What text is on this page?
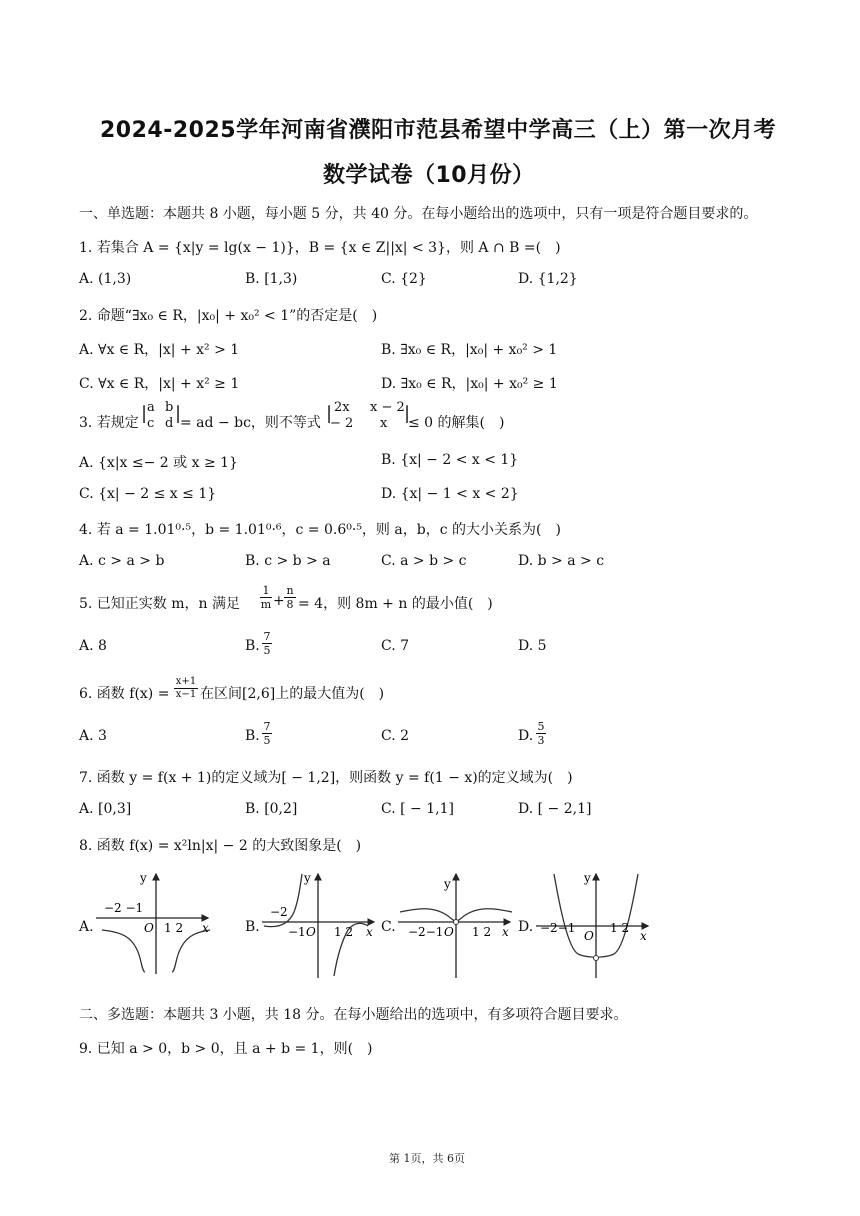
2024-2025学年河南省濮阳市范县希望中学高三（上）第一次月考
数学试卷（10月份）
一、单选题：本题共 8 小题，每小题 5 分，共 40 分。在每小题给出的选项中，只有一项是符合题目要求的。
1. 若集合 A = {x|y = lg(x − 1)}，B = {x ∈ Z||x| < 3}，则 A ∩ B =(　)
A. (1,3)	B. [1,3)	C. {2}	D. {1,2}
2. 命题“∃x₀ ∈ R，|x₀| + x₀² < 1”的否定是(　)
A. ∀x ∈ R，|x| + x² > 1	B. ∃x₀ ∈ R，|x₀| + x₀² > 1
C. ∀x ∈ R，|x| + x² ≥ 1	D. ∃x₀ ∈ R，|x₀| + x₀² ≥ 1
3. 若规定 | a b
c d |
= ad − bc，则不等式 | 2x x − 2
− 2 x |
≤ 0 的解集(　)
A. {x|x ≤− 2 或 x ≥ 1}	B. {x| − 2 < x < 1}
C. {x| − 2 ≤ x ≤ 1}	D. {x| − 1 < x < 2}
4. 若 a = 1.01⁰·⁵，b = 1.01⁰·⁶，c = 0.6⁰·⁵，则 a，b，c 的大小关系为(　)
A. c > a > b	B. c > b > a	C. a > b > c	D. b > a > c
5. 已知正实数 m，n 满足
1
m +
n
8 = 4，则 8m + n 的最小值(　)
A. 8	B.
7
5	C. 7	D. 5
6. 函数 f(x) =
x+1
x−1 在区间[2,6]上的最大值为(　)
A. 3	B.
7
5	C. 2	D.
5
3
7. 函数 y = f(x + 1)的定义域为[ − 1,2]，则函数 y = f(1 − x)的定义域为(　)
A. [0,3]	B. [0,2]	C. [ − 1,1]	D. [ − 2,1]
8. 函数 f(x) = x²ln|x| − 2 的大致图象是(　)
A.	B.	C.	D.
y
x
O
−2 −1
1 2
y
x
O
−2
−1 1 2
y
x
O
−2−1 1 2
y
x
O
−2−1	1 2
二、多选题：本题共 3 小题，共 18 分。在每小题给出的选项中，有多项符合题目要求。
9. 已知 a > 0，b > 0，且 a + b = 1，则(　)
第 1页，共 6页
